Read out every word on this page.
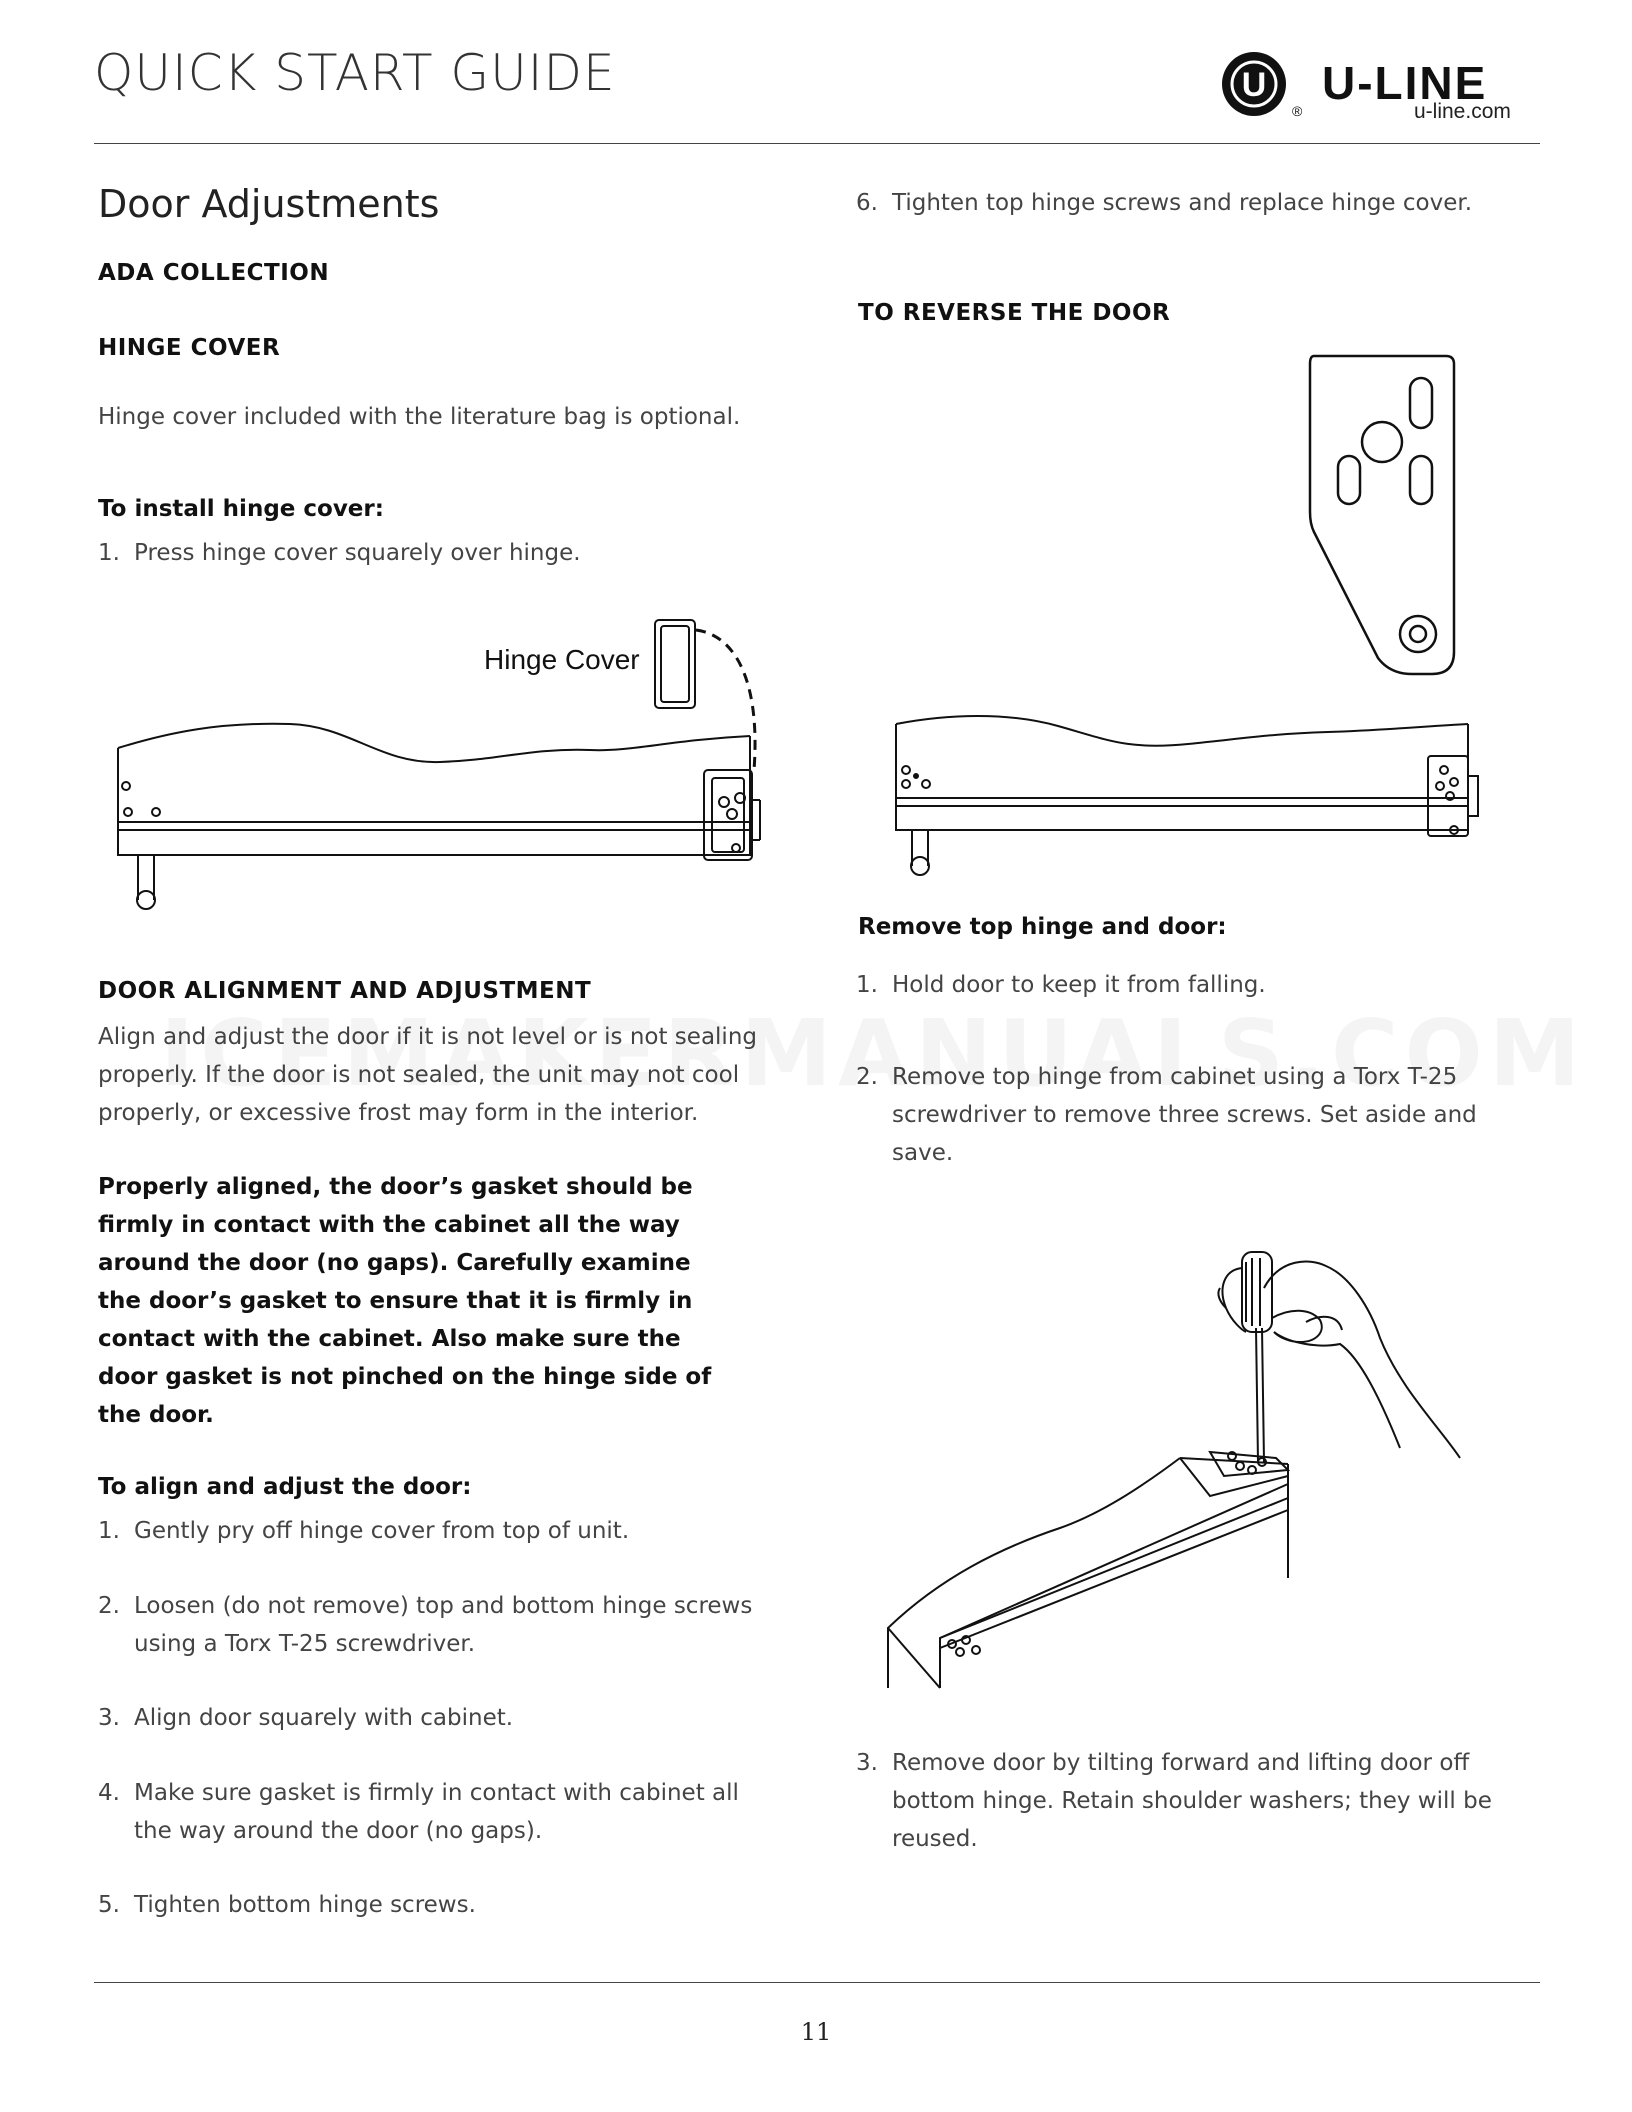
QUICK START GUIDE	U
®
U-LINE
u-line.com
Door Adjustments
ADA COLLECTION
HINGE COVER
Hinge cover included with the literature bag is optional.
To install hinge cover:
1. Press hinge cover squarely over hinge.
Hinge Cover
DOOR ALIGNMENT AND ADJUSTMENT
Align and adjust the door if it is not level or is not sealing
properly. If the door is not sealed, the unit may not cool
properly, or excessive frost may form in the interior.
Properly aligned, the door’s gasket should be
firmly in contact with the cabinet all the way
around the door (no gaps). Carefully examine
the door’s gasket to ensure that it is firmly in
contact with the cabinet. Also make sure the
door gasket is not pinched on the hinge side of
the door.
To align and adjust the door:
1. Gently pry off hinge cover from top of unit.
2. Loosen (do not remove) top and bottom hinge screws
using a Torx T-25 screwdriver.
3. Align door squarely with cabinet.
4. Make sure gasket is firmly in contact with cabinet all
the way around the door (no gaps).
5. Tighten bottom hinge screws.
6. Tighten top hinge screws and replace hinge cover.
TO REVERSE THE DOOR
Remove top hinge and door:
1. Hold door to keep it from falling.
2. Remove top hinge from cabinet using a Torx T-25
screwdriver to remove three screws. Set aside and
save.
3. Remove door by tilting forward and lifting door off
bottom hinge. Retain shoulder washers; they will be
reused.
11
